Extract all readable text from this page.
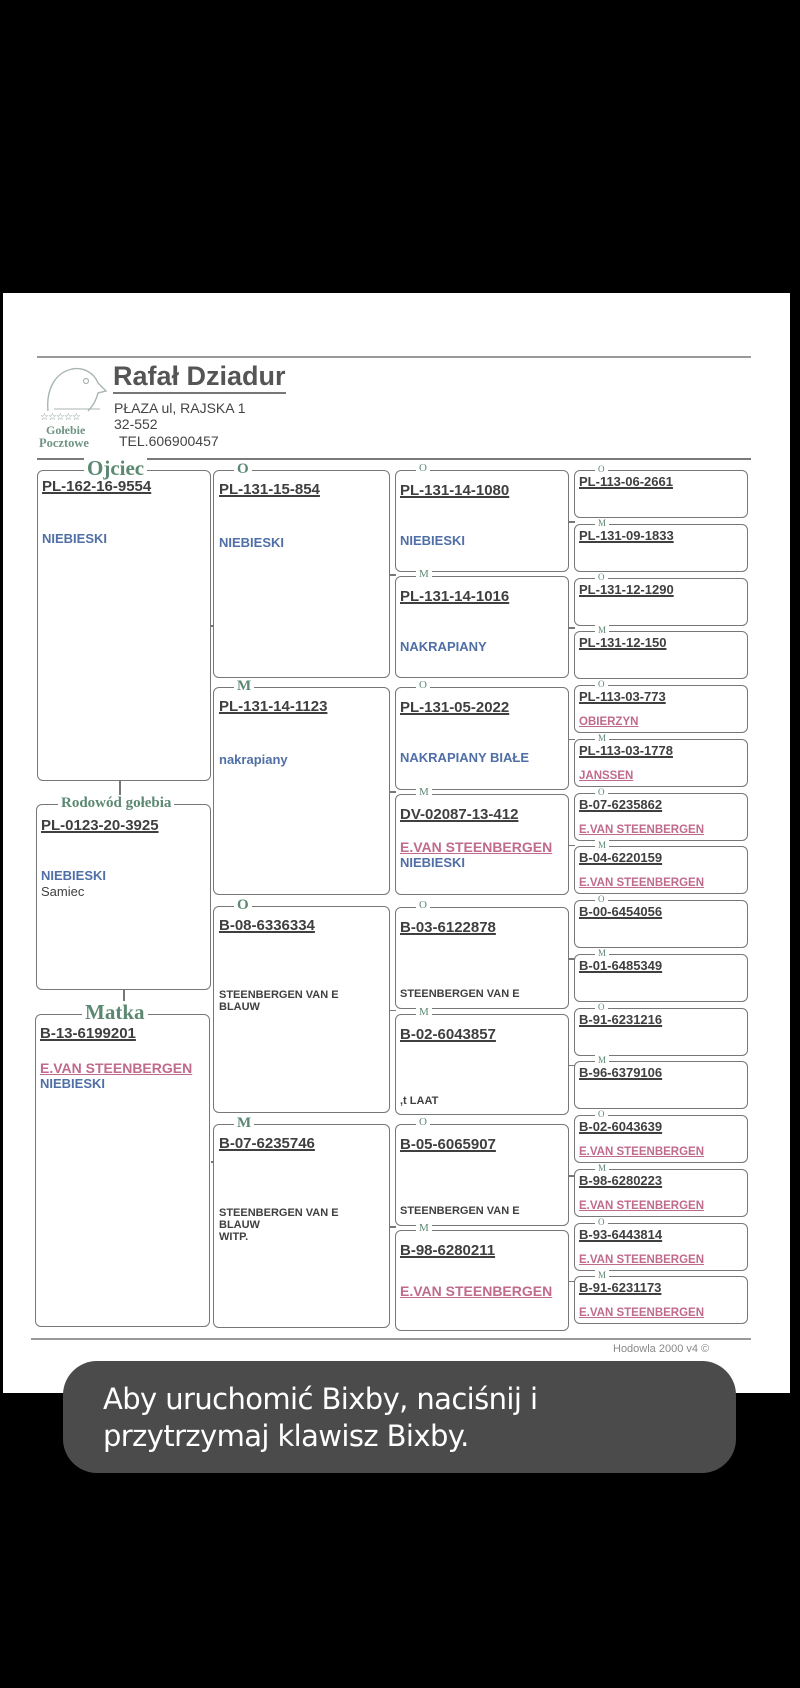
☆☆☆☆☆
Gołebie
Pocztowe
Rafał Dziadur
PŁAZA ul, RAJSKA 1
32-552
TEL.606900457
Ojciec
PL-162-16-9554
NIEBIESKI
Rodowód gołebia
PL-0123-20-3925
NIEBIESKI
Samiec
Matka
B-13-6199201
E.VAN STEENBERGEN
NIEBIESKI
O
PL-131-15-854
NIEBIESKI
M
PL-131-14-1123
nakrapiany
O
B-08-6336334
STEENBERGEN VAN E
BLAUW
M
B-07-6235746
STEENBERGEN VAN E
BLAUW
WITP.
O
PL-131-14-1080
NIEBIESKI
M
PL-131-14-1016
NAKRAPIANY
O
PL-131-05-2022
NAKRAPIANY BIAŁE
M
DV-02087-13-412
E.VAN STEENBERGEN
NIEBIESKI
O
B-03-6122878
STEENBERGEN VAN E
M
B-02-6043857
,t LAAT
O
B-05-6065907
STEENBERGEN VAN E
M
B-98-6280211
E.VAN STEENBERGEN
O
PL-113-06-2661
M
PL-131-09-1833
O
PL-131-12-1290
M
PL-131-12-150
O
PL-113-03-773
OBIERZYN
M
PL-113-03-1778
JANSSEN
O
B-07-6235862
E.VAN STEENBERGEN
M
B-04-6220159
E.VAN STEENBERGEN
O
B-00-6454056
M
B-01-6485349
O
B-91-6231216
M
B-96-6379106
O
B-02-6043639
E.VAN STEENBERGEN
M
B-98-6280223
E.VAN STEENBERGEN
O
B-93-6443814
E.VAN STEENBERGEN
M
B-91-6231173
E.VAN STEENBERGEN
Hodowla 2000 v4 ©
Aby uruchomić Bixby, naciśnij i przytrzymaj klawisz Bixby.
